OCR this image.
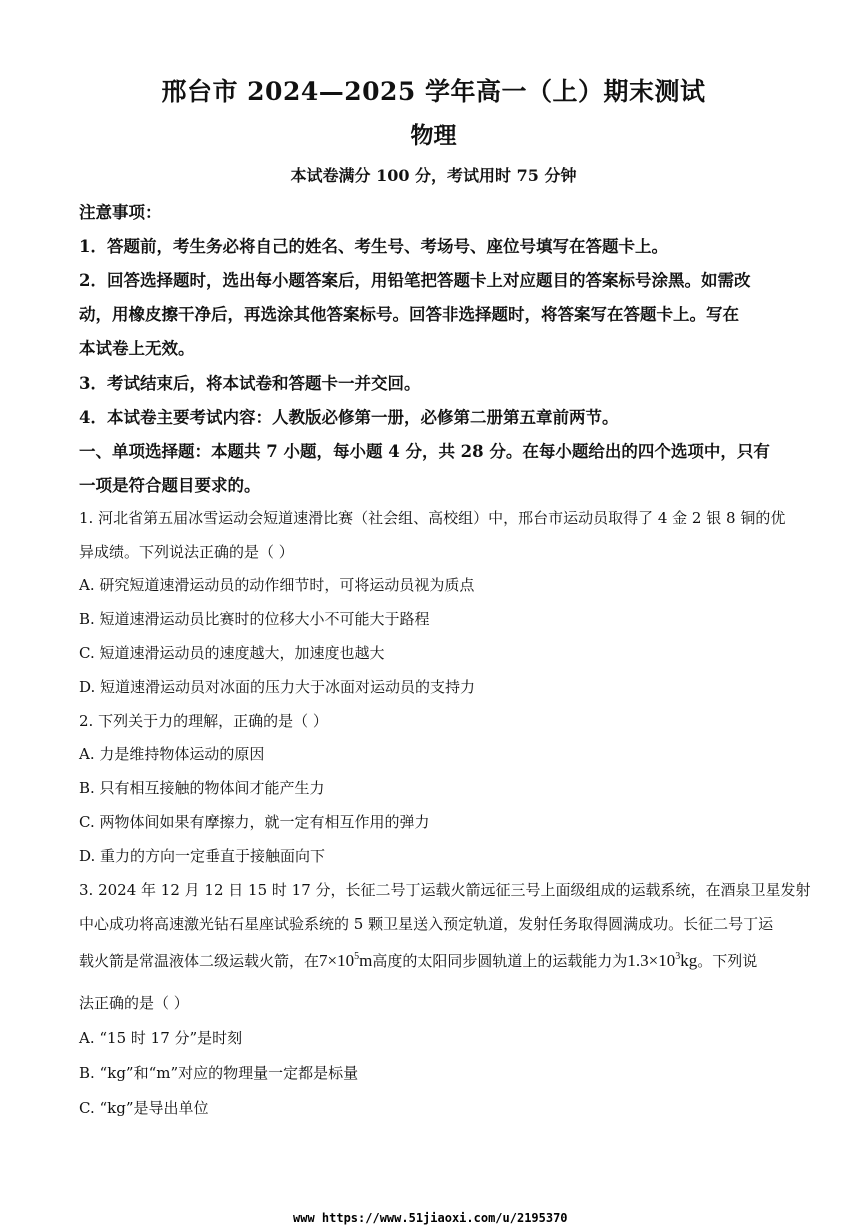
邢台市 2024—2025 学年高一（上）期末测试
物理
本试卷满分 100 分，考试用时 75 分钟
注意事项：
1．答题前，考生务必将自己的姓名、考生号、考场号、座位号填写在答题卡上。
2．回答选择题时，选出每小题答案后，用铅笔把答题卡上对应题目的答案标号涂黑。如需改
动，用橡皮擦干净后，再选涂其他答案标号。回答非选择题时，将答案写在答题卡上。写在
本试卷上无效。
3．考试结束后，将本试卷和答题卡一并交回。
4．本试卷主要考试内容：人教版必修第一册，必修第二册第五章前两节。
一、单项选择题：本题共 7 小题，每小题 4 分，共 28 分。在每小题给出的四个选项中，只有
一项是符合题目要求的。
1. 河北省第五届冰雪运动会短道速滑比赛（社会组、高校组）中，邢台市运动员取得了 4 金 2 银 8 铜的优
异成绩。下列说法正确的是（ ）
A. 研究短道速滑运动员的动作细节时，可将运动员视为质点
B. 短道速滑运动员比赛时的位移大小不可能大于路程
C. 短道速滑运动员的速度越大，加速度也越大
D. 短道速滑运动员对冰面的压力大于冰面对运动员的支持力
2. 下列关于力的理解，正确的是（ ）
A. 力是维持物体运动的原因
B. 只有相互接触的物体间才能产生力
C. 两物体间如果有摩擦力，就一定有相互作用的弹力
D. 重力的方向一定垂直于接触面向下
3. 2024 年 12 月 12 日 15 时 17 分，长征二号丁运载火箭远征三号上面级组成的运载系统，在酒泉卫星发射
中心成功将高速激光钻石星座试验系统的 5 颗卫星送入预定轨道，发射任务取得圆满成功。长征二号丁运
载火箭是常温液体二级运载火箭，在$7\times 10^5m$高度的太阳同步圆轨道上的运载能力为$1.3\times 10^3kg$。下列说
法正确的是（ ）
A. “15 时 17 分”是时刻
B. “kg”和“m”对应的物理量一定都是标量
C. “kg”是导出单位
www https://www.51jiaoxi.com/u/2195370
